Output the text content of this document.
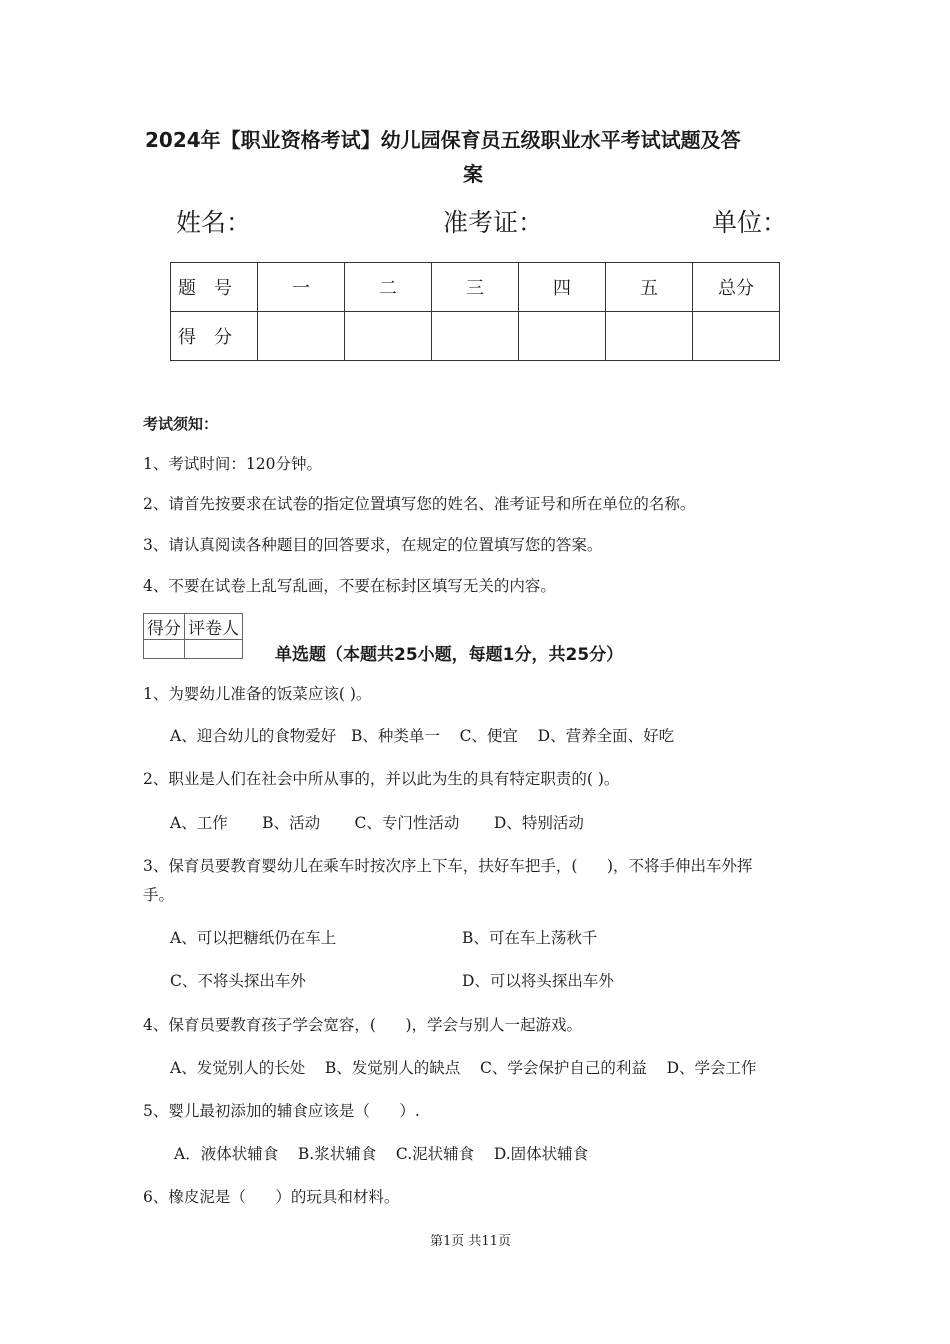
2024年【职业资格考试】幼儿园保育员五级职业水平考试试题及答
案
姓名：	准考证：	单位：
题号	一	二	三	四	五	总分
得分						
考试须知：
1、考试时间：120分钟。
2、请首先按要求在试卷的指定位置填写您的姓名、准考证号和所在单位的名称。
3、请认真阅读各种题目的回答要求，在规定的位置填写您的答案。
4、不要在试卷上乱写乱画，不要在标封区填写无关的内容。
得分	评卷人

单选题（本题共25小题，每题1分，共25分）
1、为婴幼儿准备的饭菜应该( )。
A、迎合幼儿的食物爱好   B、种类单一    C、便宜    D、营养全面、好吃
2、职业是人们在社会中所从事的，并以此为生的具有特定职责的( )。
A、工作       B、活动       C、专门性活动       D、特别活动
3、保育员要教育婴幼儿在乘车时按次序上下车，扶好车把手，(      )，不将手伸出车外挥
手。
A、可以把糖纸仍在车上	B、可在车上荡秋千
C、不将头探出车外	D、可以将头探出车外
4、保育员要教育孩子学会宽容，(      )，学会与别人一起游戏。
A、发觉别人的长处    B、发觉别人的缺点    C、学会保护自己的利益    D、学会工作
5、婴儿最初添加的辅食应该是（      ）.
A．液体状辅食    B.浆状辅食    C.泥状辅食    D.固体状辅食
6、橡皮泥是（      ）的玩具和材料。
第1页 共11页
